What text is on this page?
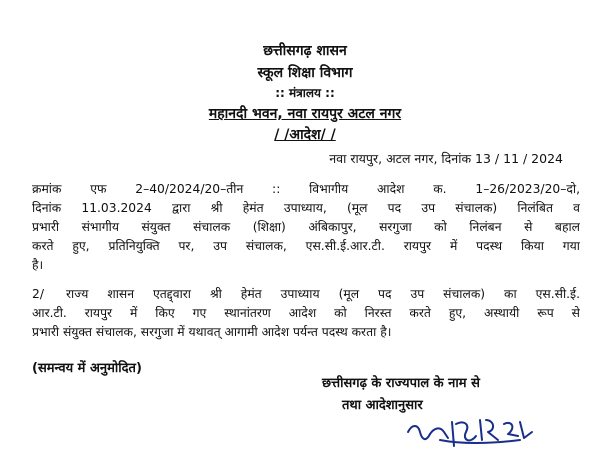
छत्तीसगढ़ शासन
स्कूल शिक्षा विभाग
:: मंत्रालय ::
महानदी भवन, नवा रायपुर अटल नगर
/ /आदेश/ /
नवा रायपुर, अटल नगर, दिनांक 13 / 11 / 2024
क्रमांक एफ 2–40/2024/20–तीन :: विभागीय आदेश क. 1–26/2023/20–दो,
दिनांक 11.03.2024 द्वारा श्री हेमंत उपाध्याय, (मूल पद उप संचालक) निलंबित व
प्रभारी संभागीय संयुक्त संचालक (शिक्षा) अंबिकापुर, सरगुजा को निलंबन से बहाल
करते हुए, प्रतिनियुक्ति पर, उप संचालक, एस.सी.ई.आर.टी. रायपुर में पदस्थ किया गया
है।
2/ राज्य शासन एतद्द्वारा श्री हेमंत उपाध्याय (मूल पद उप संचालक) का एस.सी.ई.
आर.टी. रायपुर में किए गए स्थानांतरण आदेश को निरस्त करते हुए, अस्थायी रूप से
प्रभारी संयुक्त संचालक, सरगुजा में यथावत् आगामी आदेश पर्यन्त पदस्थ करता है।
(समन्वय में अनुमोदित)
छत्तीसगढ़ के राज्यपाल के नाम से
तथा आदेशानुसार
